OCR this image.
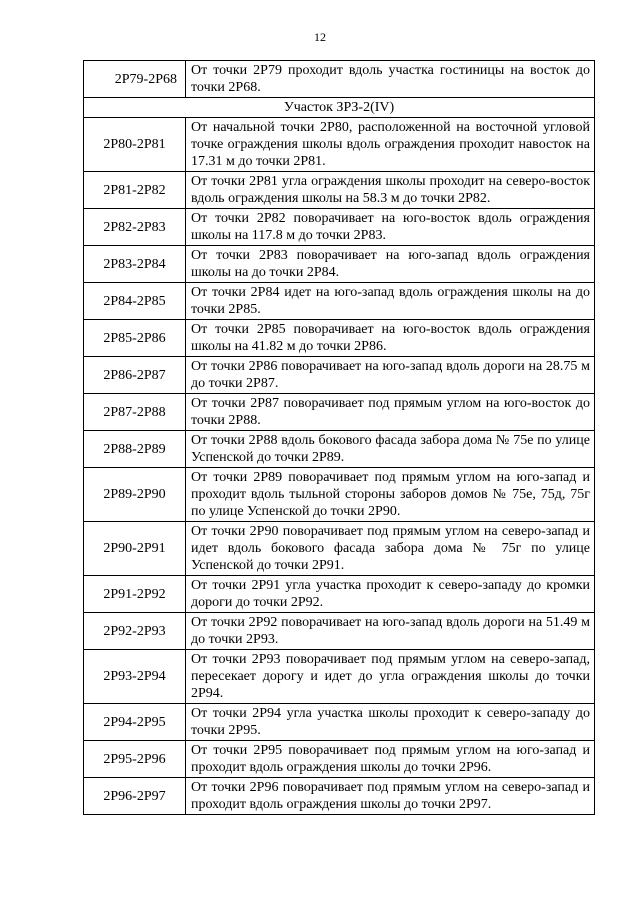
12
2Р79-2Р68	От точки 2Р79 проходит вдоль участка гостиницы на восток до точки 2Р68.
Участок ЗРЗ-2(IV)	
2Р80-2Р81	От начальной точки 2Р80, расположенной на восточной угловой точке ограждения школы вдоль ограждения проходит навосток на 17.31 м до точки 2Р81.
2Р81-2Р82	От точки 2Р81 угла ограждения школы проходит на северо-восток вдоль ограждения школы на 58.3 м до точки 2Р82.
2Р82-2Р83	От точки 2Р82 поворачивает на юго-восток вдоль ограждения школы на 117.8 м до точки 2Р83.
2Р83-2Р84	От точки 2Р83 поворачивает на юго-запад вдоль ограждения школы на до точки 2Р84.
2Р84-2Р85	От точки 2Р84 идет на юго-запад вдоль ограждения школы на до точки 2Р85.
2Р85-2Р86	От точки 2Р85 поворачивает на юго-восток вдоль ограждения школы на 41.82 м до точки 2Р86.
2Р86-2Р87	От точки 2Р86 поворачивает на юго-запад вдоль дороги на 28.75 м до точки 2Р87.
2Р87-2Р88	От точки 2Р87 поворачивает под прямым углом на юго-восток до точки 2Р88.
2Р88-2Р89	От точки 2Р88 вдоль бокового фасада забора дома № 75е по улице Успенской до точки 2Р89.
2Р89-2Р90	От точки 2Р89 поворачивает под прямым углом на юго-запад и проходит вдоль тыльной стороны заборов домов № 75е, 75д, 75г по улице Успенской до точки 2Р90.
2Р90-2Р91	От точки 2Р90 поворачивает под прямым углом на северо-запад и идет вдоль бокового фасада забора дома № 75г по улице Успенской до точки 2Р91.
2Р91-2Р92	От точки 2Р91 угла участка проходит к северо-западу до кромки дороги до точки 2Р92.
2Р92-2Р93	От точки 2Р92 поворачивает на юго-запад вдоль дороги на 51.49 м до точки 2Р93.
2Р93-2Р94	От точки 2Р93 поворачивает под прямым углом на северо-запад, пересекает дорогу и идет до угла ограждения школы до точки 2Р94.
2Р94-2Р95	От точки 2Р94 угла участка школы проходит к северо-западу до точки 2Р95.
2Р95-2Р96	От точки 2Р95 поворачивает под прямым углом на юго-запад и проходит вдоль ограждения школы до точки 2Р96.
2Р96-2Р97	От точки 2Р96 поворачивает под прямым углом на северо-запад и проходит вдоль ограждения школы до точки 2Р97.
